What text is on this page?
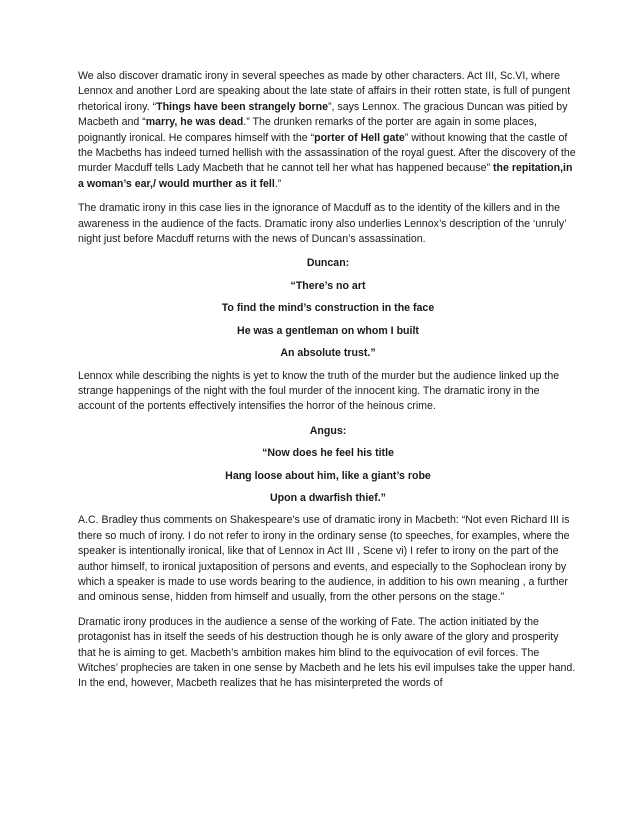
We also discover dramatic irony in several speeches as made by other characters. Act III, Sc.VI, where Lennox and another Lord are speaking about the late state of affairs in their rotten state, is full of pungent rhetorical irony. “Things have been strangely borne”, says Lennox. The gracious Duncan was pitied by Macbeth and “marry, he was dead.” The drunken remarks of the porter are again in some places, poignantly ironical. He compares himself with the “porter of Hell gate” without knowing that the castle of the Macbeths has indeed turned hellish with the assassination of the royal guest. After the discovery of the murder Macduff tells Lady Macbeth that he cannot tell her what has happened because” the repitation,in a woman’s ear,/ would murther as it fell.”

The dramatic irony in this case lies in the ignorance of Macduff as to the identity of the killers and in the awareness in the audience of the facts. Dramatic irony also underlies Lennox’s description of the ‘unruly’ night just before Macduff returns with the news of Duncan’s assassination.

Duncan:

“There’s no art

To find the mind’s construction in the face

He was a gentleman on whom I built

An absolute trust.”

Lennox while describing the nights is yet to know the truth of the murder but the audience linked up the strange happenings of the night with the foul murder of the innocent king. The dramatic irony in the account of the portents effectively intensifies the horror of the heinous crime.

Angus:

“Now does he feel his title

Hang loose about him, like a giant’s robe

Upon a dwarfish thief.”

A.C. Bradley thus comments on Shakespeare’s use of dramatic irony in Macbeth: “Not even Richard III is there so much of irony. I do not refer to irony in the ordinary sense (to speeches, for examples, where the speaker is intentionally ironical, like that of Lennox in Act III , Scene vi) I refer to irony on the part of the author himself, to ironical juxtaposition of persons and events, and especially to the Sophoclean irony by which a speaker is made to use words bearing to the audience, in addition to his own meaning , a further and ominous sense, hidden from himself and usually, from the other persons on the stage.”

Dramatic irony produces in the audience a sense of the working of Fate. The action initiated by the protagonist has in itself the seeds of his destruction though he is only aware of the glory and prosperity that he is aiming to get. Macbeth’s ambition makes him blind to the equivocation of evil forces. The Witches’ prophecies are taken in one sense by Macbeth and he lets his evil impulses take the upper hand. In the end, however, Macbeth realizes that he has misinterpreted the words of
